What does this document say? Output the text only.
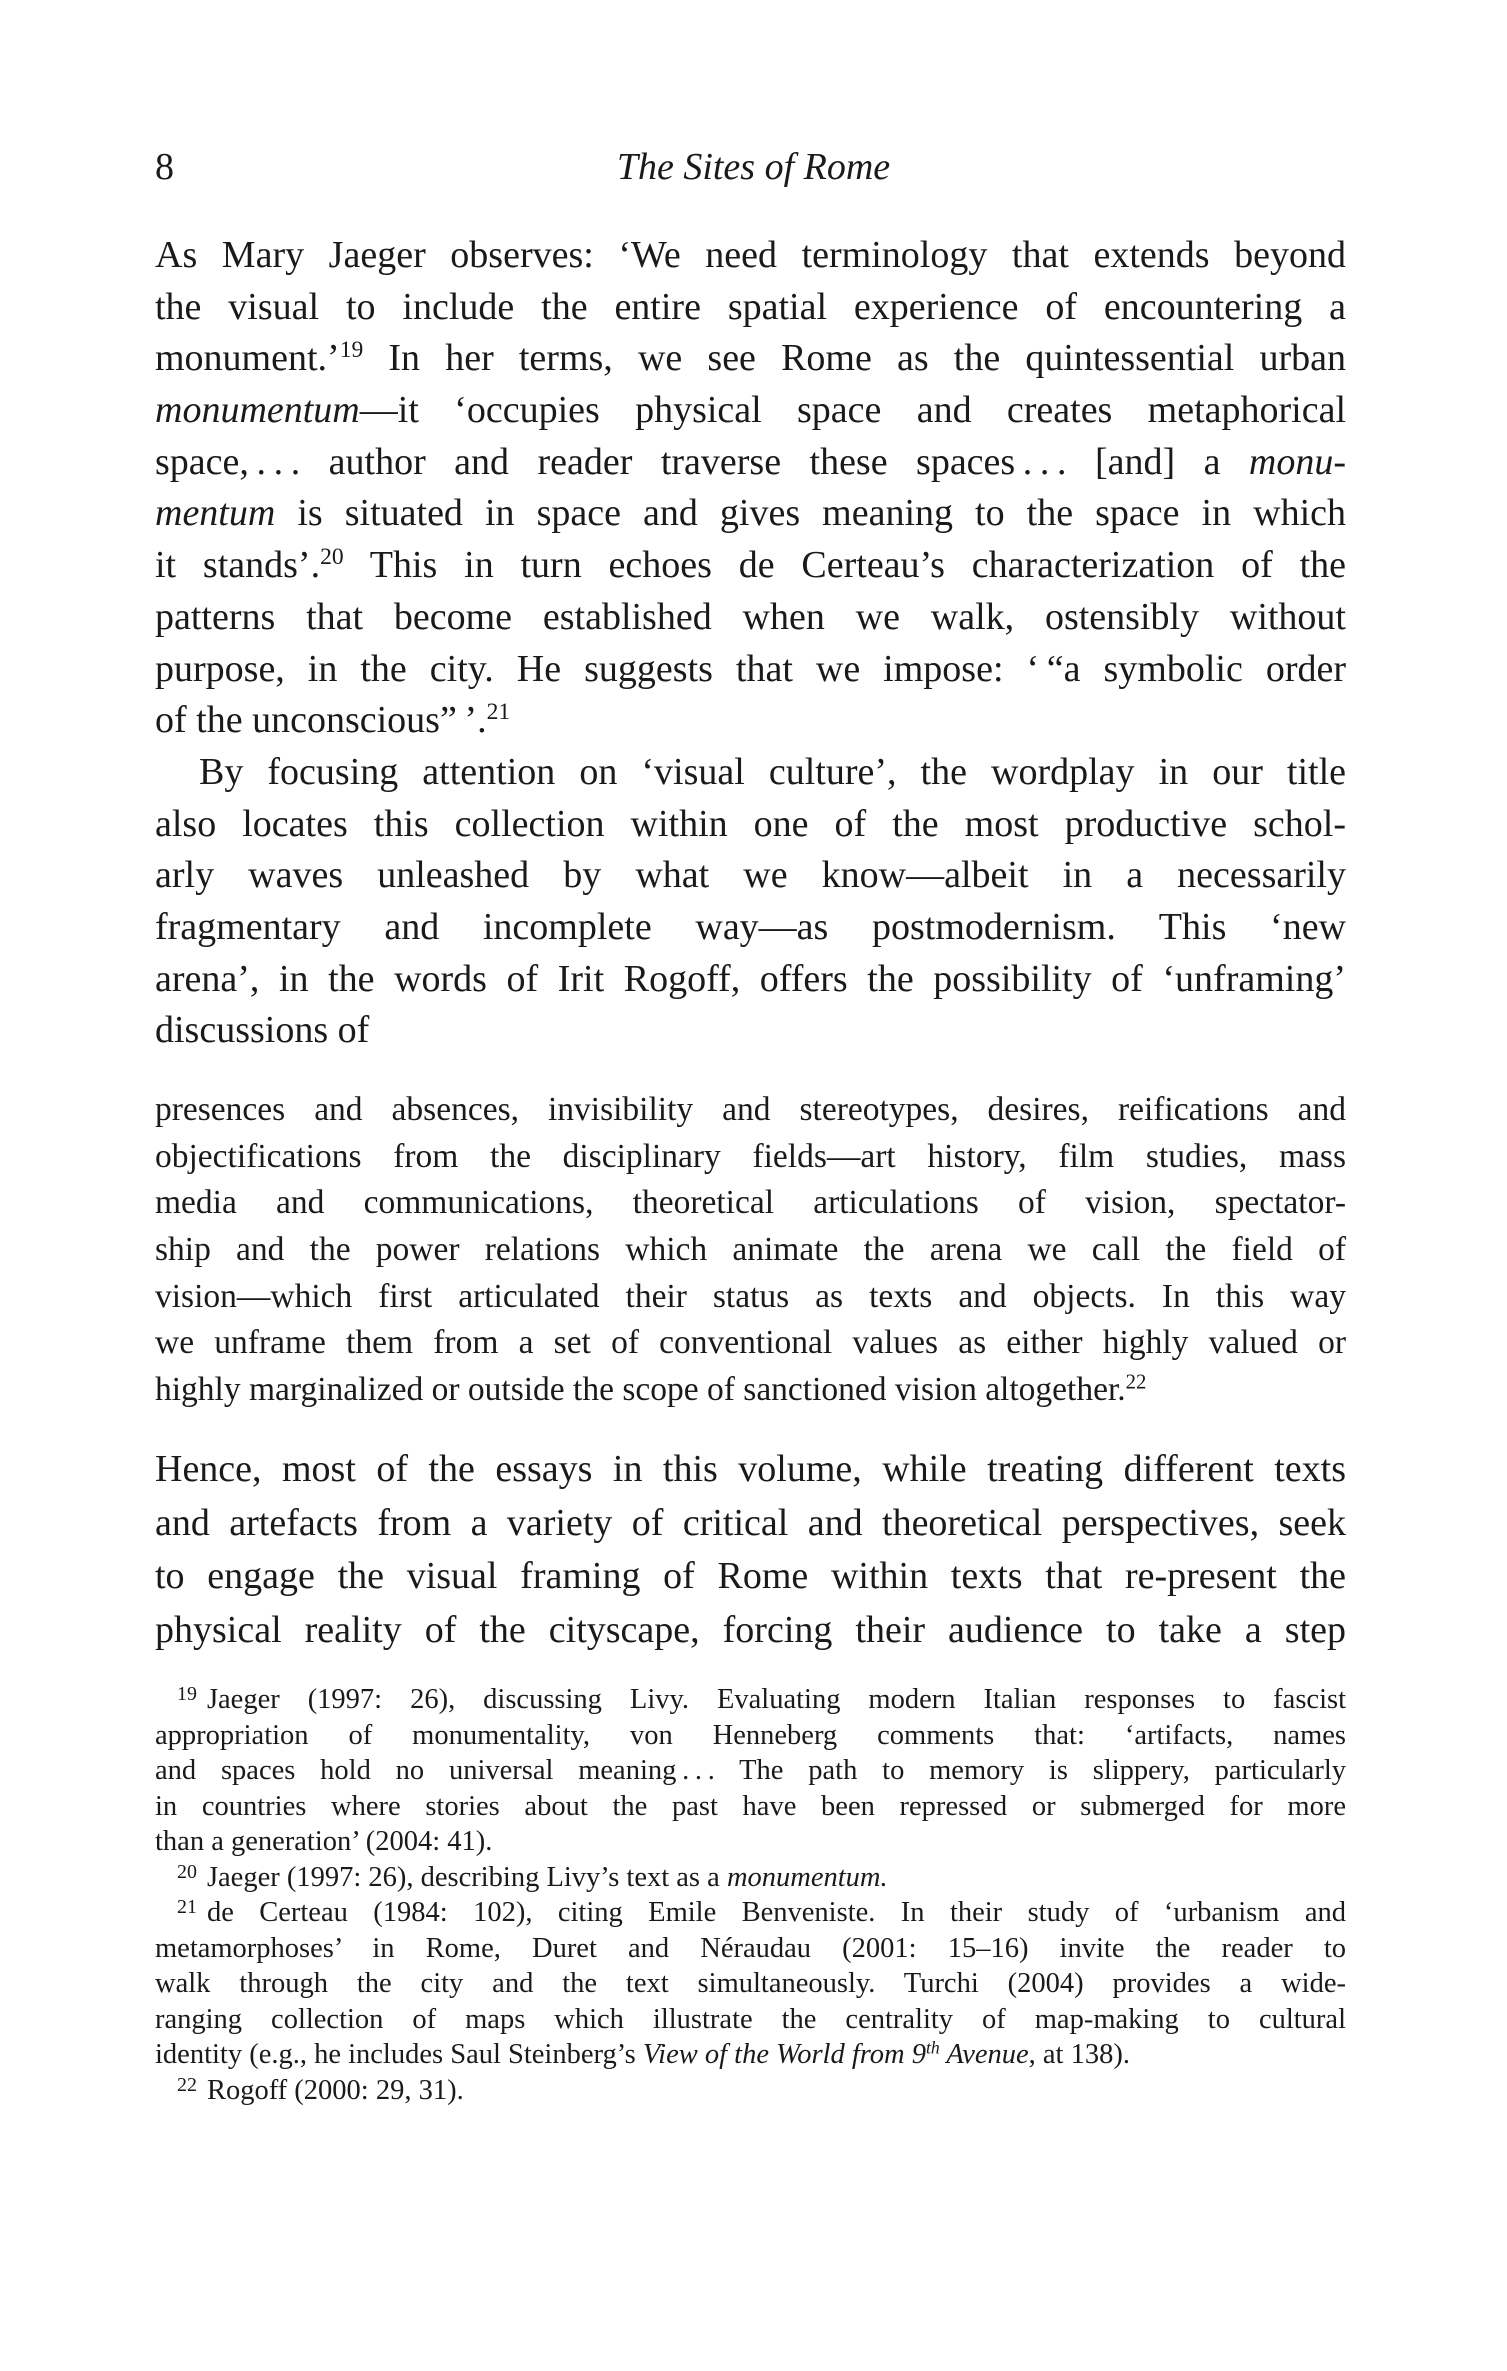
8	The Sites of Rome
As Mary Jaeger observes: ‘We need terminology that extends beyond
the visual to include the entire spatial experience of encountering a
monument.’$^{19}$ In her terms, we see Rome as the quintessential urban
monumentum—it ‘occupies physical space and creates metaphorical
space, . . . author and reader traverse these spaces . . . [and] a monu-
mentum is situated in space and gives meaning to the space in which
it stands’.$^{20}$ This in turn echoes de Certeau’s characterization of the
patterns that become established when we walk, ostensibly without
purpose, in the city. He suggests that we impose: ‘ “a symbolic order
of the unconscious” ’.$^{21}$
By focusing attention on ‘visual culture’, the wordplay in our title
also locates this collection within one of the most productive schol-
arly waves unleashed by what we know—albeit in a necessarily
fragmentary and incomplete way—as postmodernism. This ‘new
arena’, in the words of Irit Rogoff, offers the possibility of ‘unframing’
discussions of
presences and absences, invisibility and stereotypes, desires, reifications and
objectifications from the disciplinary fields—art history, film studies, mass
media and communications, theoretical articulations of vision, spectator-
ship and the power relations which animate the arena we call the field of
vision—which first articulated their status as texts and objects. In this way
we unframe them from a set of conventional values as either highly valued or
highly marginalized or outside the scope of sanctioned vision altogether.$^{22}$
Hence, most of the essays in this volume, while treating different texts
and artefacts from a variety of critical and theoretical perspectives, seek
to engage the visual framing of Rome within texts that re-present the
physical reality of the cityscape, forcing their audience to take a step
$^{19}$ Jaeger (1997: 26), discussing Livy. Evaluating modern Italian responses to fascist
appropriation of monumentality, von Henneberg comments that: ‘artifacts, names
and spaces hold no universal meaning . . . The path to memory is slippery, particularly
in countries where stories about the past have been repressed or submerged for more
than a generation’ (2004: 41).
$^{20}$ Jaeger (1997: 26), describing Livy’s text as a monumentum.
$^{21}$ de Certeau (1984: 102), citing Emile Benveniste. In their study of ‘urbanism and
metamorphoses’ in Rome, Duret and Néraudau (2001: 15–16) invite the reader to
walk through the city and the text simultaneously. Turchi (2004) provides a wide-
ranging collection of maps which illustrate the centrality of map-making to cultural
identity (e.g., he includes Saul Steinberg’s View of the World from 9th Avenue, at 138).
$^{22}$ Rogoff (2000: 29, 31).
